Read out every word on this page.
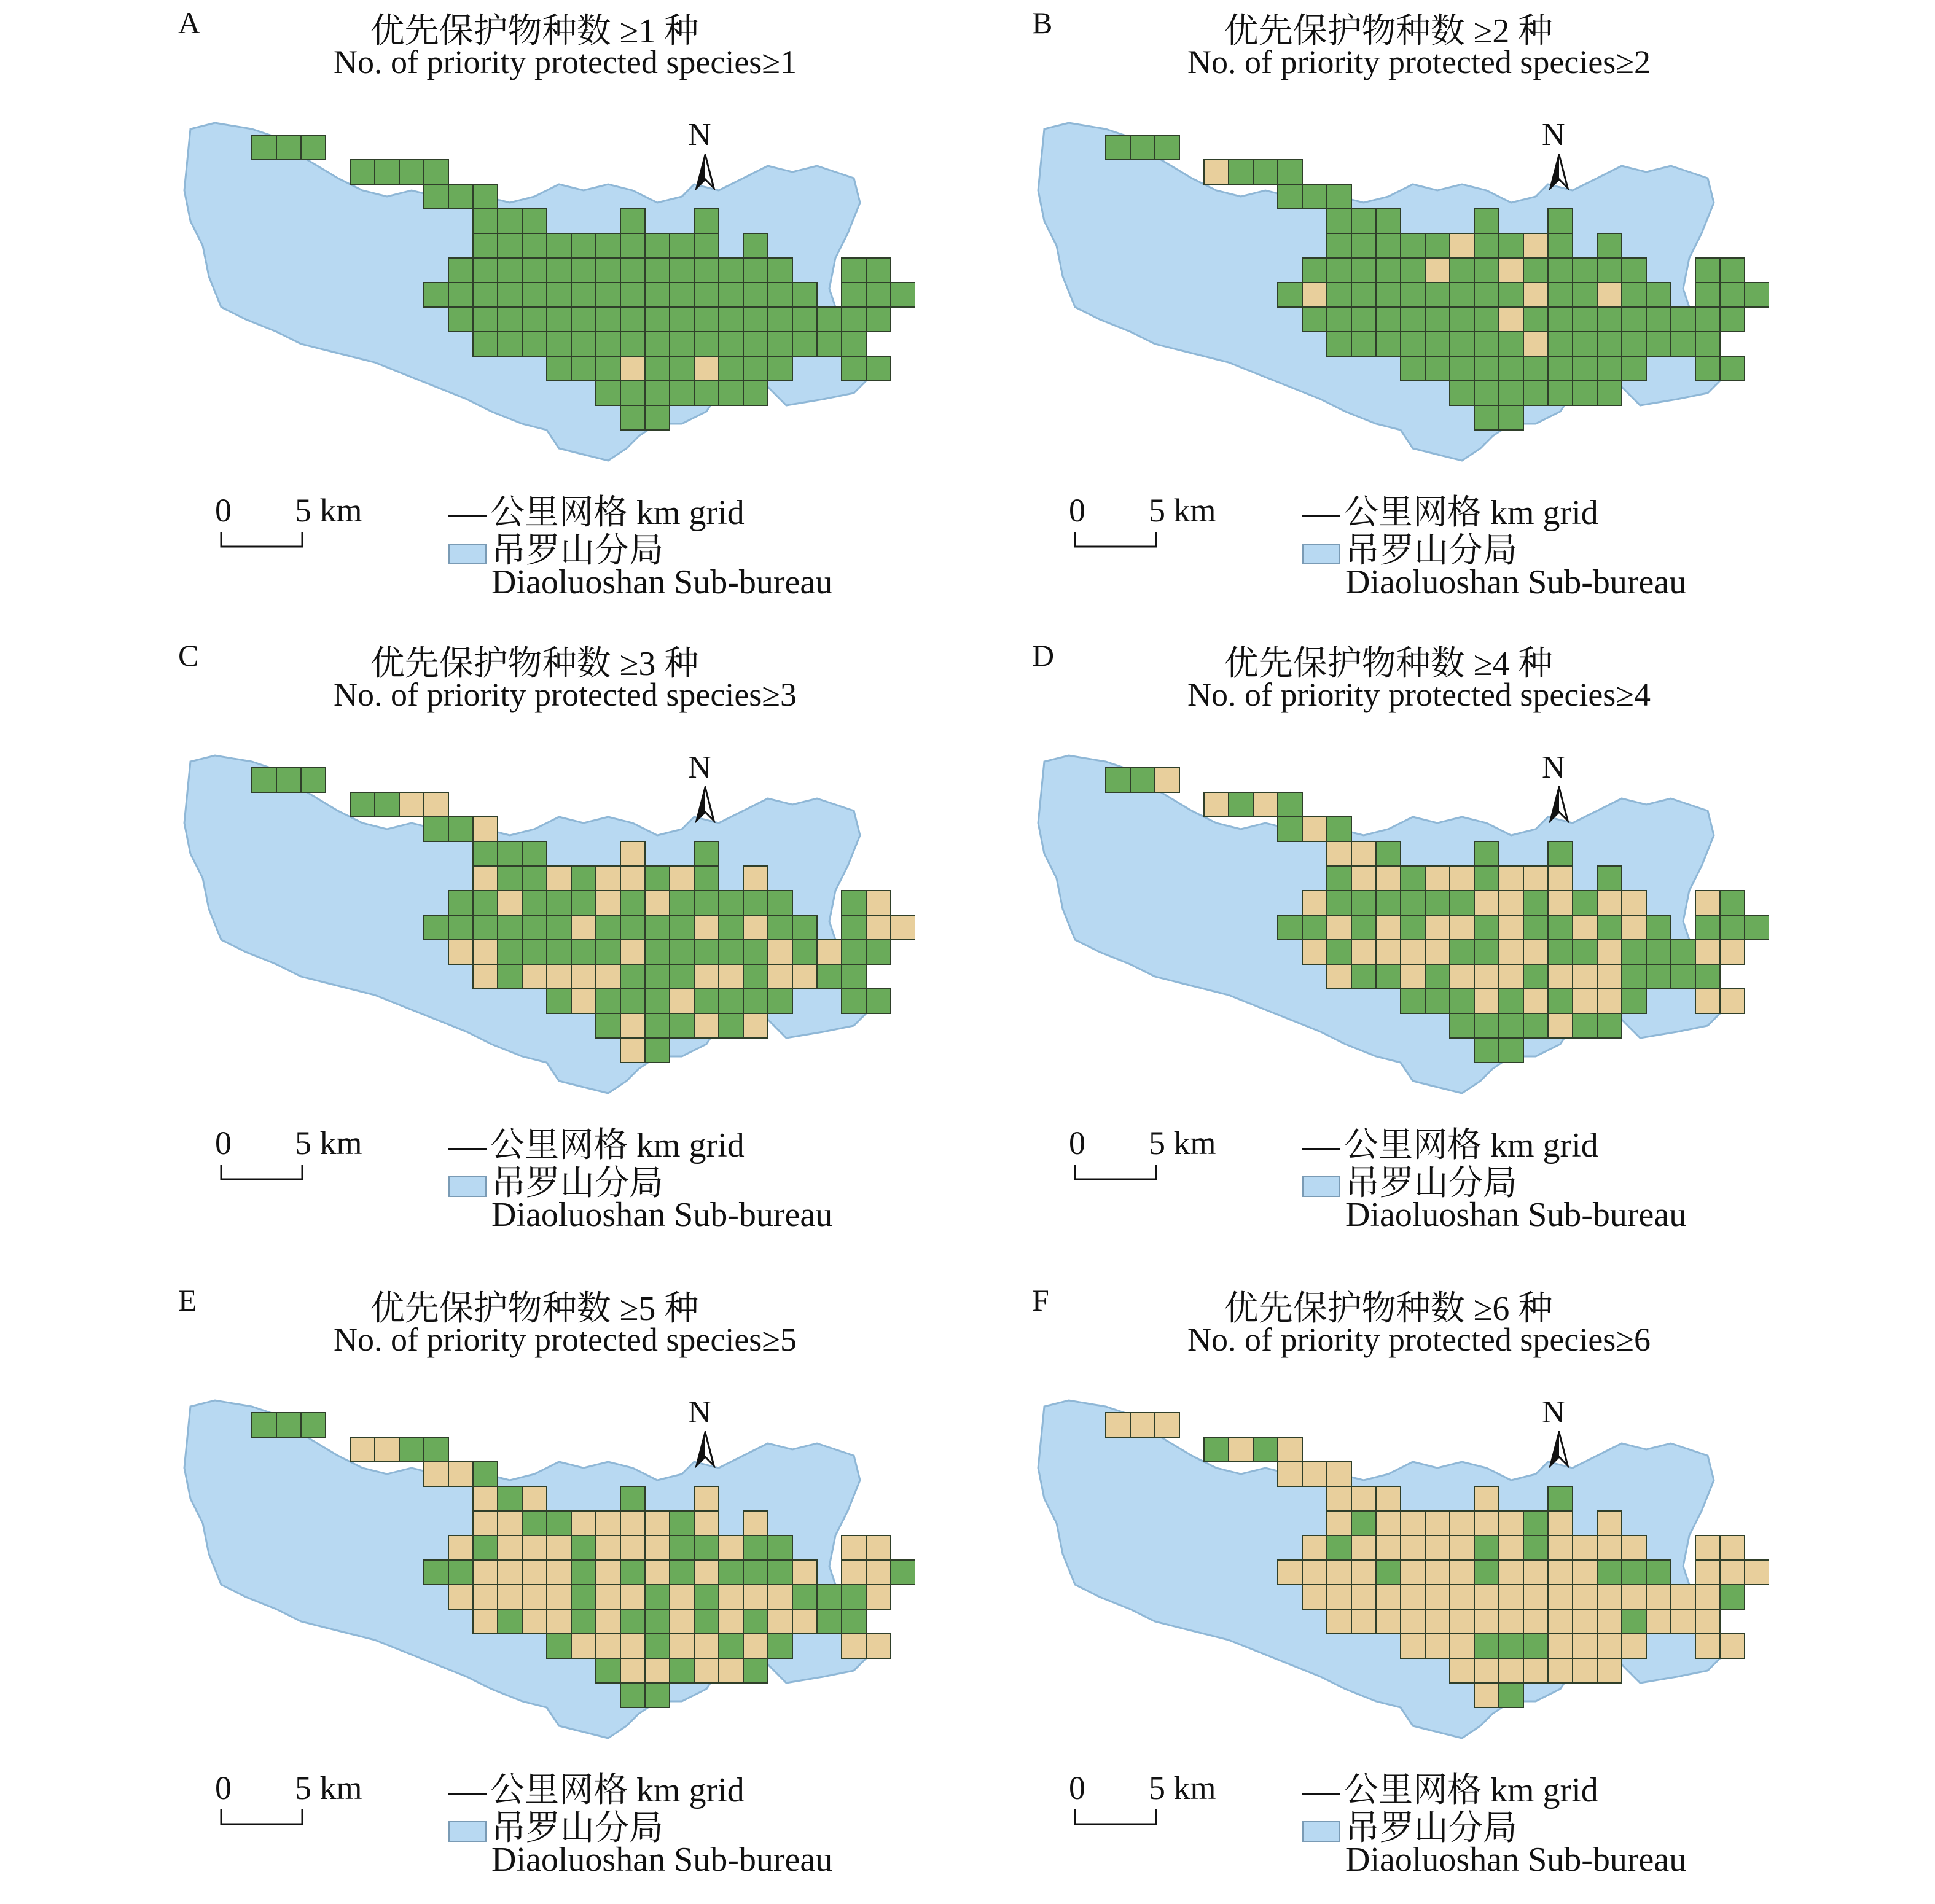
A	优先保护物种数 ≥1 种
No. of priority protected species≥1
N
0 5 km	公里网格 km grid
吊罗山分局
Diaoluoshan Sub-bureau
B	优先保护物种数 ≥2 种
No. of priority protected species≥2
N
0 5 km	公里网格 km grid
吊罗山分局
Diaoluoshan Sub-bureau
C	优先保护物种数 ≥3 种
No. of priority protected species≥3
N
0 5 km	公里网格 km grid
吊罗山分局
Diaoluoshan Sub-bureau
D	优先保护物种数 ≥4 种
No. of priority protected species≥4
N
0 5 km	公里网格 km grid
吊罗山分局
Diaoluoshan Sub-bureau
E	优先保护物种数 ≥5 种
No. of priority protected species≥5
N
0 5 km	公里网格 km grid
吊罗山分局
Diaoluoshan Sub-bureau
F	优先保护物种数 ≥6 种
No. of priority protected species≥6
N
0 5 km	公里网格 km grid
吊罗山分局
Diaoluoshan Sub-bureau
